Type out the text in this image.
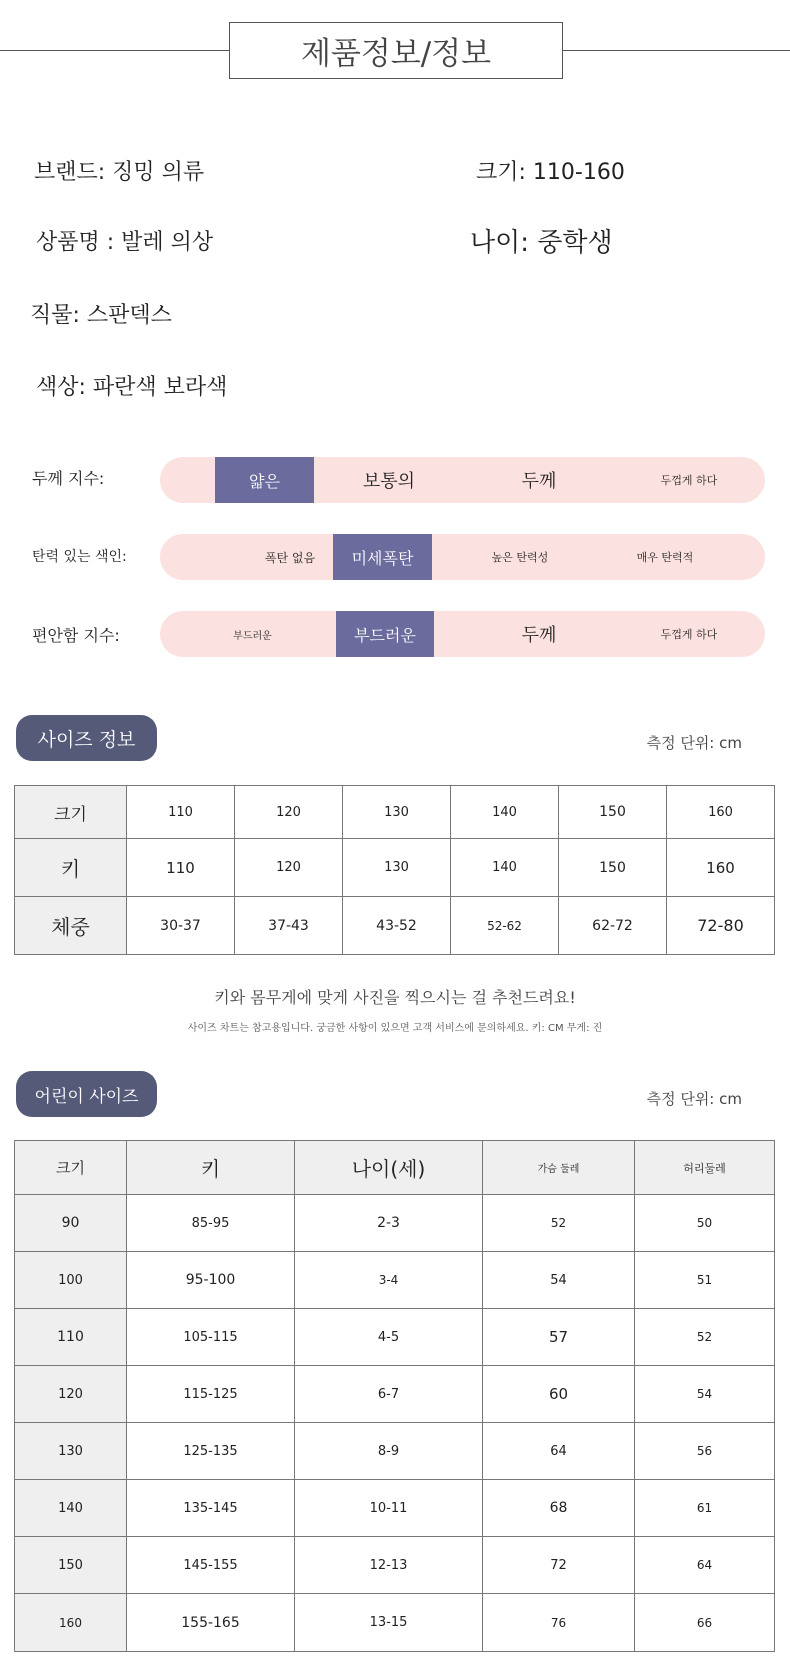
제품정보/정보
브랜드: 징밍 의류	크기: 110-160
상품명 : 발레 의상	나이: 중학생
직물: 스판덱스
색상: 파란색 보라색
두께 지수:	얇은	보통의	두께	두껍게 하다
탄력 있는 색인:	폭탄 없음	미세폭탄	높은 탄력성	매우 탄력적
편안함 지수:	부드러운	부드러운	두께	두껍게 하다
사이즈 정보	측정 단위: cm
크기	110	120	130	140	150	160
키	110	120	130	140	150	160
체중	30-37	37-43	43-52	52-62	62-72	72-80
키와 몸무게에 맞게 사진을 찍으시는 걸 추천드려요!
사이즈 차트는 참고용입니다. 궁금한 사항이 있으면 고객 서비스에 문의하세요. 키: CM 무게: 진
어린이 사이즈	측정 단위: cm
크기	키	나이(세)	가슴 둘레	허리둘레
90	85-95	2-3	52	50
100	95-100	3-4	54	51
110	105-115	4-5	57	52
120	115-125	6-7	60	54
130	125-135	8-9	64	56
140	135-145	10-11	68	61
150	145-155	12-13	72	64
160	155-165	13-15	76	66
